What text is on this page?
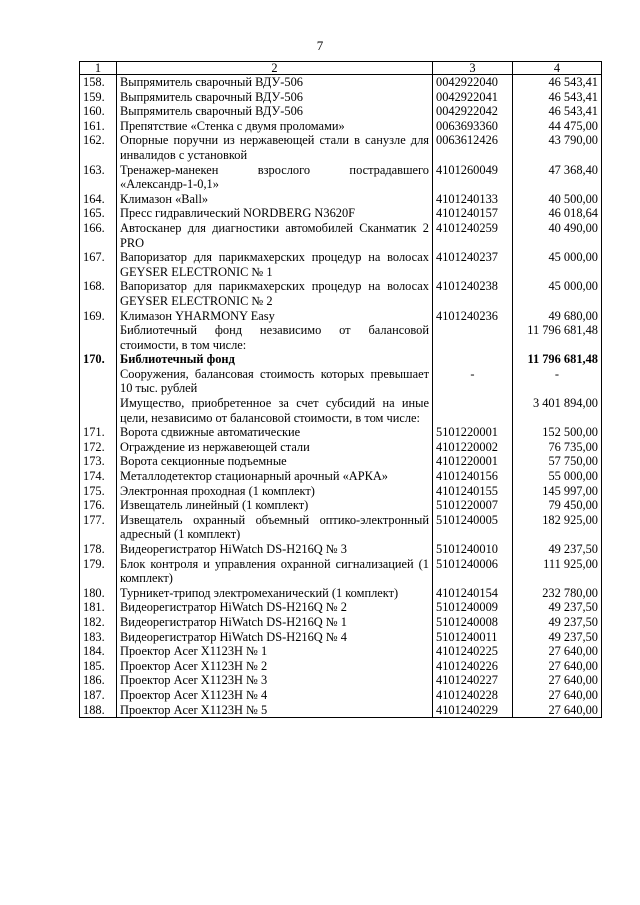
7
1	2	3	4
158.	Выпрямитель сварочный ВДУ-506	0042922040	46 543,41
159.	Выпрямитель сварочный ВДУ-506	0042922041	46 543,41
160.	Выпрямитель сварочный ВДУ-506	0042922042	46 543,41
161.	Препятствие «Стенка с двумя проломами»	0063693360	44 475,00
162.	Опорные поручни из нержавеющей стали в санузле для инвалидов с установкой	0063612426	43 790,00
163.	Тренажер-манекен взрослого пострадавшего «Александр-1-0,1»	4101260049	47 368,40
164.	Климазон «Ball»	4101240133	40 500,00
165.	Пресс гидравлический NORDBERG N3620F	4101240157	46 018,64
166.	Автосканер для диагностики автомобилей Сканматик 2 PRO	4101240259	40 490,00
167.	Вапоризатор для парикмахерских процедур на волосах GEYSER ELECTRONIC № 1	4101240237	45 000,00
168.	Вапоризатор для парикмахерских процедур на волосах GEYSER ELECTRONIC № 2	4101240238	45 000,00
169.	Климазон YHARMONY Easy	4101240236	49 680,00
	Библиотечный фонд независимо от балансовой стоимости, в том числе:		11 796 681,48
170.	Библиотечный фонд		11 796 681,48
	Сооружения, балансовая стоимость которых превышает 10 тыс. рублей	-	-
	Имущество, приобретенное за счет субсидий на иные цели, независимо от балансовой стоимости, в том числе:		3 401 894,00
171.	Ворота сдвижные автоматические	5101220001	152 500,00
172.	Ограждение из нержавеющей стали	4101220002	76 735,00
173.	Ворота секционные подъемные	4101220001	57 750,00
174.	Металлодетектор стационарный арочный «АРКА»	4101240156	55 000,00
175.	Электронная проходная (1 комплект)	4101240155	145 997,00
176.	Извещатель линейный (1 комплект)	5101220007	79 450,00
177.	Извещатель охранный объемный оптико-электронный адресный (1 комплект)	5101240005	182 925,00
178.	Видеорегистратор HiWatch DS-H216Q № 3	5101240010	49 237,50
179.	Блок контроля и управления охранной сигнализацией (1 комплект)	5101240006	111 925,00
180.	Турникет-трипод электромеханический (1 комплект)	4101240154	232 780,00
181.	Видеорегистратор HiWatch DS-H216Q № 2	5101240009	49 237,50
182.	Видеорегистратор HiWatch DS-H216Q № 1	5101240008	49 237,50
183.	Видеорегистратор HiWatch DS-H216Q № 4	5101240011	49 237,50
184.	Проектор Acer X1123H № 1	4101240225	27 640,00
185.	Проектор Acer X1123H № 2	4101240226	27 640,00
186.	Проектор Acer X1123H № 3	4101240227	27 640,00
187.	Проектор Acer X1123H № 4	4101240228	27 640,00
188.	Проектор Acer X1123H № 5	4101240229	27 640,00
